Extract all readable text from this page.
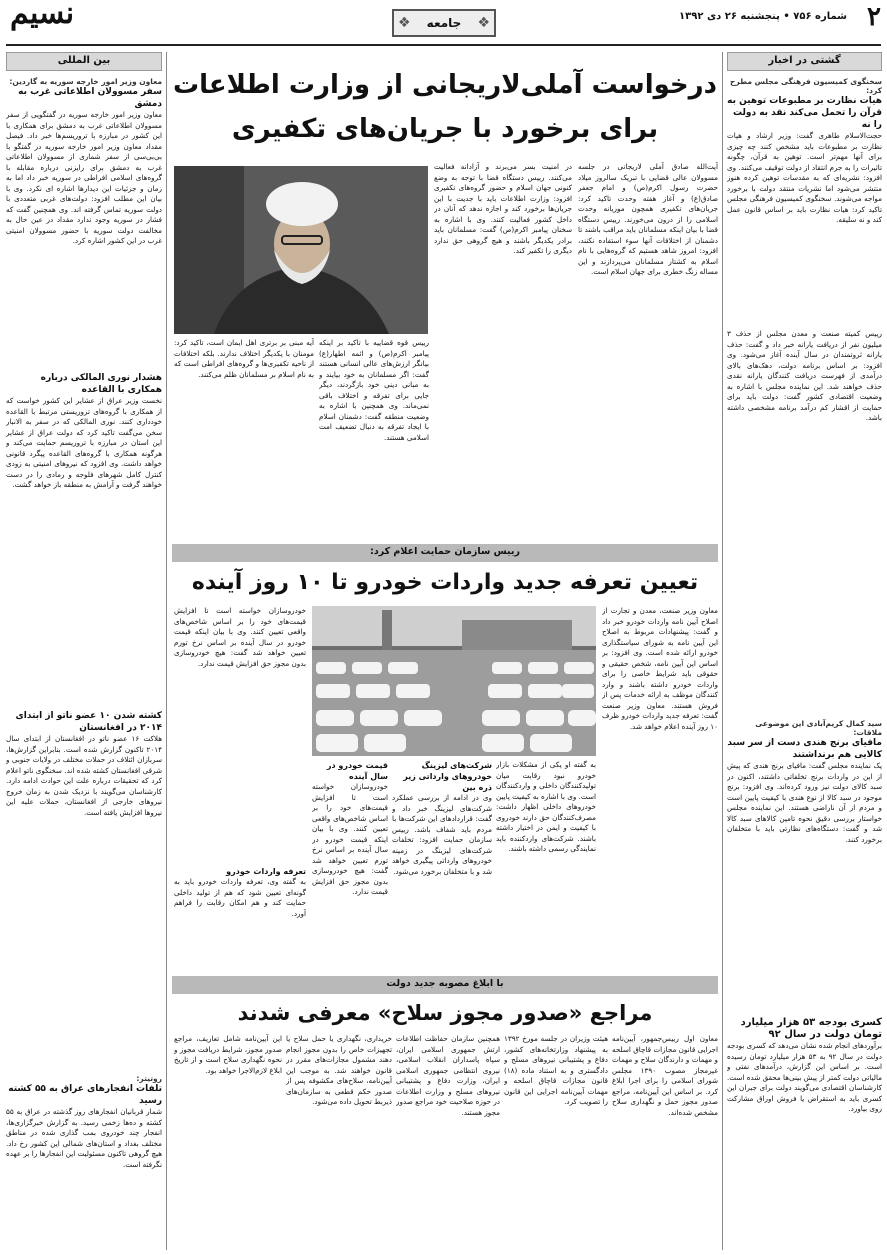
۲
شماره ۷۵۶ • پنجشنبه ۲۶ دی ۱۳۹۲
❖
جامعه
❖
نسیم
بین المللی
معاون وزیر امور خارجه سوریه به گاردین:
سفر مسوولان اطلاعاتی غرب به دمشق
معاون وزیر امور خارجه سوریه در گفتگویی از سفر مسوولان اطلاعاتی غرب به دمشق برای همکاری با این کشور در مبارزه با تروریسم‌ها خبر داد. فیصل مقداد معاون وزیر امور خارجه سوریه در گفتگو با بی‌بی‌سی از سفر شماری از مسوولان اطلاعاتی غرب به دمشق برای رایزنی درباره مقابله با گروه‌های اسلامی افراطی در سوریه خبر داد اما به زمان و جزئیات این دیدارها اشاره ای نکرد. وی با بیان این مطلب افزود: دولت‌های غربی متعددی با دولت سوریه تماس گرفته اند. وی همچنین گفت که فشار در سوریه وجود ندارد مقداد در عین حال به مخالفت دولت سوریه با حضور مسوولان امنیتی غرب در این کشور اشاره کرد.
هشدار نوری المالکی درباره همکاری با القاعده
نخست وزیر عراق از عشایر این کشور خواست که از همکاری با گروه‌های تروریستی مرتبط با القاعده خودداری کنند. نوری المالکی که در سفر به الانبار سخن می‌گفت تاکید کرد که دولت عراق از عشایر این استان در مبارزه با تروریسم حمایت می‌کند و هرگونه همکاری با گروه‌های القاعده پیگرد قانونی خواهد داشت. وی افزود که نیروهای امنیتی به زودی کنترل کامل شهرهای فلوجه و رمادی را در دست خواهند گرفت و آرامش به منطقه باز خواهد گشت.
کشته شدن ۱۰ عضو ناتو از ابتدای ۲۰۱۴ در افغانستان
هلاکت ۱۶ عضو ناتو در افغانستان از ابتدای سال ۲۰۱۴ تاکنون گزارش شده است. بنابراین گزارش‌ها، سربازان ائتلاف در حملات مختلف در ولایات جنوبی و شرقی افغانستان کشته شده اند. سخنگوی ناتو اعلام کرد که تحقیقات درباره علت این حوادث ادامه دارد. کارشناسان می‌گویند با نزدیک شدن به زمان خروج نیروهای خارجی از افغانستان، حملات علیه این نیروها افزایش یافته است.
روتیتر:
تلفات انفجارهای عراق به ۵۵ کشته رسید
شمار قربانیان انفجارهای روز گذشته در عراق به ۵۵ کشته و ده‌ها زخمی رسید. به گزارش خبرگزاری‌ها، انفجار چند خودروی بمب گذاری شده در مناطق مختلف بغداد و استان‌های شمالی این کشور رخ داد. هیچ گروهی تاکنون مسئولیت این انفجارها را بر عهده نگرفته است.
گشتی در اخبار
سخنگوی کمیسیون فرهنگی مجلس مطرح کرد:
هیات نظارت بر مطبوعات توهین به قرآن را تحمل می‌کند نقد به دولت را نه
حجت‌الاسلام طاهری گفت: وزیر ارشاد و هیات نظارت بر مطبوعات باید مشخص کنند چه چیزی برای آنها مهم‌تر است. توهین به قرآن، چگونه تاثیرات را به جرم انتقاد از دولت توقیف می‌کنند. وی افزود: نشریه‌ای که به مقدسات توهین کرده هنوز منتشر می‌شود اما نشریات منتقد دولت با برخورد مواجه می‌شوند. سخنگوی کمیسیون فرهنگی مجلس تاکید کرد: هیات نظارت باید بر اساس قانون عمل کند و نه سلیقه.
رییس کمیته صنعت و معدن مجلس از حذف ۳ میلیون نفر از دریافت یارانه خبر داد و گفت: حذف یارانه ثروتمندان در سال آینده آغاز می‌شود. وی افزود: بر اساس برنامه دولت، دهک‌های بالای درآمدی از فهرست دریافت کنندگان یارانه نقدی حذف خواهند شد. این نماینده مجلس با اشاره به وضعیت اقتصادی کشور گفت: دولت باید برای حمایت از اقشار کم درآمد برنامه مشخصی داشته باشد.
سید کمال کریم‌آبادی این موضوعی ملاقات:
مافیای برنج هندی دست از سر سبد کالایی هم برنداشتند
یک نماینده مجلس گفت: مافیای برنج هندی که پیش از این در واردات برنج تخلفاتی داشتند، اکنون در سبد کالای دولت نیز ورود کرده‌اند. وی افزود: برنج موجود در سبد کالا از نوع هندی با کیفیت پایین است و مردم از آن ناراضی هستند. این نماینده مجلس خواستار بررسی دقیق نحوه تامین کالاهای سبد کالا شد و گفت: دستگاه‌های نظارتی باید با متخلفان برخورد کنند.
کسری بودجه ۵۳ هزار میلیارد تومان دولت در سال ۹۲
برآوردهای انجام شده نشان می‌دهد که کسری بودجه دولت در سال ۹۲ به ۵۳ هزار میلیارد تومان رسیده است. بر اساس این گزارش، درآمدهای نفتی و مالیاتی دولت کمتر از پیش بینی‌ها محقق شده است. کارشناسان اقتصادی می‌گویند دولت برای جبران این کسری باید به استقراض یا فروش اوراق مشارکت روی بیاورد.
درخواست آملی‌لاریجانی از وزارت اطلاعات
برای برخورد با جریان‌های تکفیری
آیت‌الله صادق آملی لاریجانی در جلسه مسوولان عالی قضایی با تبریک سالروز میلاد حضرت رسول اکرم(ص) و امام جعفر صادق(ع) و آغاز هفته وحدت تاکید کرد: جریان‌های تکفیری همچون موریانه وحدت اسلامی را از درون می‌خورند. رییس دستگاه قضا با بیان اینکه مسلمانان باید مراقب باشند تا دشمنان از اختلافات آنها سوء استفاده نکنند، افزود: امروز شاهد هستیم که گروه‌هایی با نام اسلام به کشتار مسلمانان می‌پردازند و این مساله زنگ خطری برای جهان اسلام است.
در امنیت بسر می‌برند و آزادانه فعالیت می‌کنند. رییس دستگاه قضا با توجه به وضع کنونی جهان اسلام و حضور گروه‌های تکفیری افزود: وزارت اطلاعات باید با جدیت با این جریان‌ها برخورد کند و اجازه ندهد که آنان در داخل کشور فعالیت کنند. وی با اشاره به سخنان پیامبر اکرم(ص) گفت: مسلمانان باید برادر یکدیگر باشند و هیچ گروهی حق ندارد دیگری را تکفیر کند.
رییس قوه قضاییه با تاکید بر اینکه پیامبر اکرم(ص) و ائمه اطهار(ع) بیانگر ارزش‌های عالی انسانی هستند گفت: اگر مسلمانان به خود بیایند و به مبانی دینی خود بازگردند، دیگر جایی برای تفرقه و اختلاف باقی نمی‌ماند. وی همچنین با اشاره به وضعیت منطقه گفت: دشمنان اسلام با ایجاد تفرقه به دنبال تضعیف امت اسلامی هستند.
آیه مبنی بر برتری اهل ایمان است، تاکید کرد: مومنان با یکدیگر اختلاف ندارند. بلکه اختلافات از ناحیه تکفیری‌ها و گروه‌های افراطی است که به نام اسلام بر مسلمانان ظلم می‌کنند.
رییس سازمان حمایت اعلام کرد:
تعیین تعرفه جدید واردات خودرو تا ۱۰ روز آینده
معاون وزیر صنعت، معدن و تجارت از اصلاح آیین نامه واردات خودرو خبر داد و گفت: پیشنهادات مربوط به اصلاح این آیین نامه به شورای سیاستگذاری خودرو ارائه شده است. وی افزود: بر اساس این آیین نامه، شخص حقیقی و حقوقی باید شرایط خاصی را برای واردات خودرو داشته باشند و وارد کنندگان موظف به ارائه خدمات پس از فروش هستند. معاون وزیر صنعت گفت: تعرفه جدید واردات خودرو ظرف ۱۰ روز آینده اعلام خواهد شد.
به گفته او یکی از مشکلات بازار خودرو نبود رقابت میان تولیدکنندگان داخلی و واردکنندگان است. وی با اشاره به کیفیت پایین خودروهای داخلی اظهار داشت: مصرف‌کنندگان حق دارند خودروی با کیفیت و ایمن در اختیار داشته باشند. شرکت‌های واردکننده باید نمایندگی رسمی داشته باشند.
شرکت‌های لیزینگ خودروهای وارداتی زیر ذره بین
وی در ادامه از بررسی عملکرد شرکت‌های لیزینگ خبر داد و گفت: قراردادهای این شرکت‌ها با مردم باید شفاف باشد. رییس سازمان حمایت افزود: تخلفات شرکت‌های لیزینگ در زمینه خودروهای وارداتی پیگیری خواهد شد و با متخلفان برخورد می‌شود.
قیمت خودرو در سال آینده
خودروسازان خواسته است تا افزایش قیمت‌های خود را بر اساس شاخص‌های واقعی تعیین کنند. وی با بیان اینکه قیمت خودرو در سال آینده بر اساس نرخ تورم تعیین خواهد شد گفت: هیچ خودروسازی بدون مجوز حق افزایش قیمت ندارد.
خودروسازان خواسته است تا افزایش قیمت‌های خود را بر اساس شاخص‌های واقعی تعیین کنند. وی با بیان اینکه قیمت خودرو در سال آینده بر اساس نرخ تورم تعیین خواهد شد گفت: هیچ خودروسازی بدون مجوز حق افزایش قیمت ندارد.
تعرفه واردات خودرو
به گفته وی، تعرفه واردات خودرو باید به گونه‌ای تعیین شود که هم از تولید داخلی حمایت کند و هم امکان رقابت را فراهم آورد.
با ابلاغ مصوبه جدید دولت
مراجع «صدور مجوز سلاح» معرفی شدند
معاون اول رییس‌جمهور، آیین‌نامه اجرایی قانون مجازات قاچاق اسلحه و مهمات و دارندگان سلاح و مهمات غیرمجاز مصوب ۱۳۹۰ مجلس شورای اسلامی را برای اجرا ابلاغ کرد. بر اساس این آیین‌نامه، مراجع صدور مجوز حمل و نگهداری سلاح مشخص شده‌اند.
هیئت وزیران در جلسه مورخ ۱۳۹۲ به پیشنهاد وزارتخانه‌های کشور، دفاع و پشتیبانی نیروهای مسلح و دادگستری و به استناد ماده (۱۸) قانون مجازات قاچاق اسلحه و مهمات آیین‌نامه اجرایی این قانون را تصویب کرد.
همچنین سازمان حفاظت اطلاعات ارتش جمهوری اسلامی ایران، سپاه پاسداران انقلاب اسلامی، نیروی انتظامی جمهوری اسلامی ایران، وزارت دفاع و پشتیبانی نیروهای مسلح و وزارت اطلاعات در حوزه صلاحیت خود مراجع صدور مجوز هستند.
خریداری، نگهداری یا حمل سلاح یا تجهیزات خاص را بدون مجوز انجام دهند مشمول مجازات‌های مقرر در قانون خواهند شد. به موجب این آیین‌نامه، سلاح‌های مکشوفه پس از صدور حکم قطعی به سازمان‌های ذیربط تحویل داده می‌شود.
این آیین‌نامه شامل تعاریف، مراجع صدور مجوز، شرایط دریافت مجوز و نحوه نگهداری سلاح است و از تاریخ ابلاغ لازم‌الاجرا خواهد بود.
